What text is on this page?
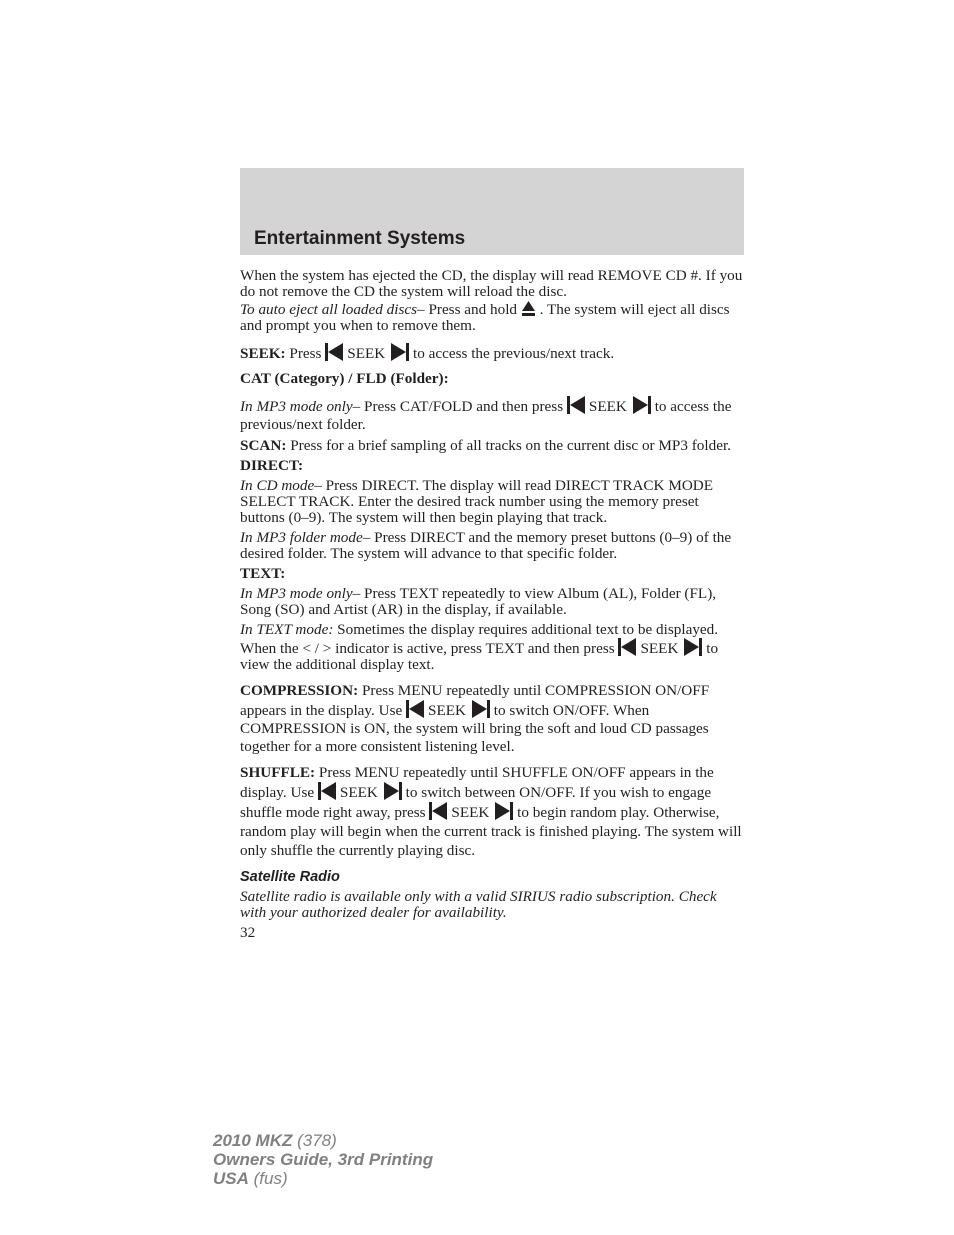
Entertainment Systems

When the system has ejected the CD, the display will read REMOVE CD #. If you do not remove the CD the system will reload the disc.

To auto eject all loaded discs– Press and hold . The system will eject all discs and prompt you when to remove them.

SEEK: Press SEEK to access the previous/next track.

CAT (Category) / FLD (Folder):

In MP3 mode only– Press CAT/FOLD and then press SEEK to access the previous/next folder.

SCAN: Press for a brief sampling of all tracks on the current disc or MP3 folder.

DIRECT:

In CD mode– Press DIRECT. The display will read DIRECT TRACK MODE SELECT TRACK. Enter the desired track number using the memory preset buttons (0–9). The system will then begin playing that track.

In MP3 folder mode– Press DIRECT and the memory preset buttons (0–9) of the desired folder. The system will advance to that specific folder.

TEXT:

In MP3 mode only– Press TEXT repeatedly to view Album (AL), Folder (FL), Song (SO) and Artist (AR) in the display, if available.

In TEXT mode: Sometimes the display requires additional text to be displayed. When the < / > indicator is active, press TEXT and then press SEEK to view the additional display text.

COMPRESSION: Press MENU repeatedly until COMPRESSION ON/OFF appears in the display. Use SEEK to switch ON/OFF. When COMPRESSION is ON, the system will bring the soft and loud CD passages together for a more consistent listening level.

SHUFFLE: Press MENU repeatedly until SHUFFLE ON/OFF appears in the display. Use SEEK to switch between ON/OFF. If you wish to engage shuffle mode right away, press SEEK to begin random play. Otherwise, random play will begin when the current track is finished playing. The system will only shuffle the currently playing disc.

Satellite Radio

Satellite radio is available only with a valid SIRIUS radio subscription. Check with your authorized dealer for availability.

32

2010 MKZ (378)
Owners Guide, 3rd Printing
USA (fus)
